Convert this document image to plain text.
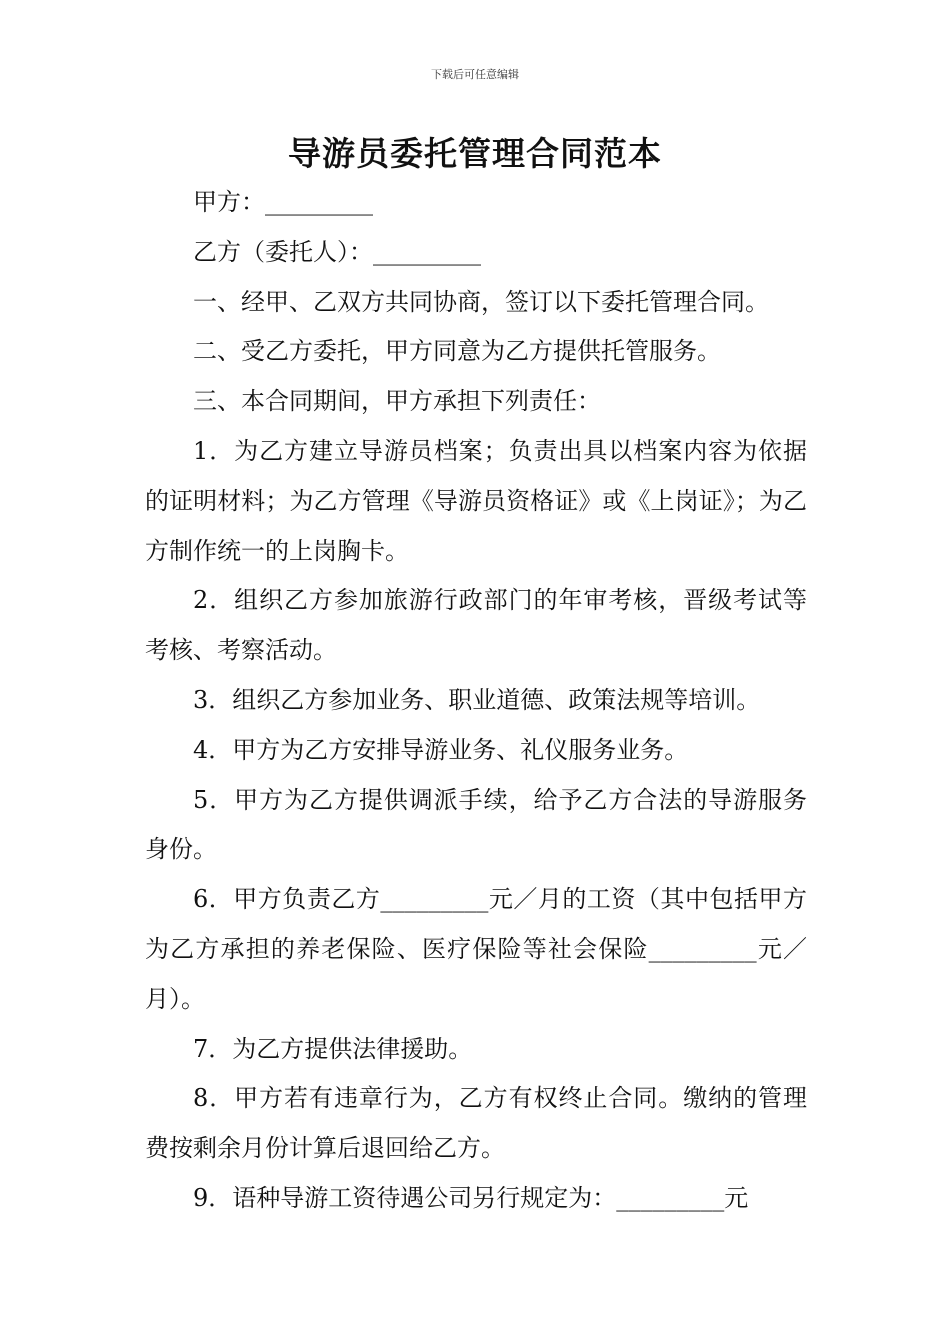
下载后可任意编辑
导游员委托管理合同范本

甲方：_________

乙方（委托人）：_________

一、经甲、乙双方共同协商，签订以下委托管理合同。

二、受乙方委托，甲方同意为乙方提供托管服务。

三、本合同期间，甲方承担下列责任：

1．为乙方建立导游员档案；负责出具以档案内容为依据的证明材料；为乙方管理《导游员资格证》或《上岗证》；为乙方制作统一的上岗胸卡。

2．组织乙方参加旅游行政部门的年审考核，晋级考试等考核、考察活动。

3．组织乙方参加业务、职业道德、政策法规等培训。

4．甲方为乙方安排导游业务、礼仪服务业务。

5．甲方为乙方提供调派手续，给予乙方合法的导游服务身份。

6．甲方负责乙方_________元／月的工资（其中包括甲方为乙方承担的养老保险、医疗保险等社会保险_________元／月）。

7．为乙方提供法律援助。

8．甲方若有违章行为，乙方有权终止合同。缴纳的管理费按剩余月份计算后退回给乙方。

9．语种导游工资待遇公司另行规定为：_________元
